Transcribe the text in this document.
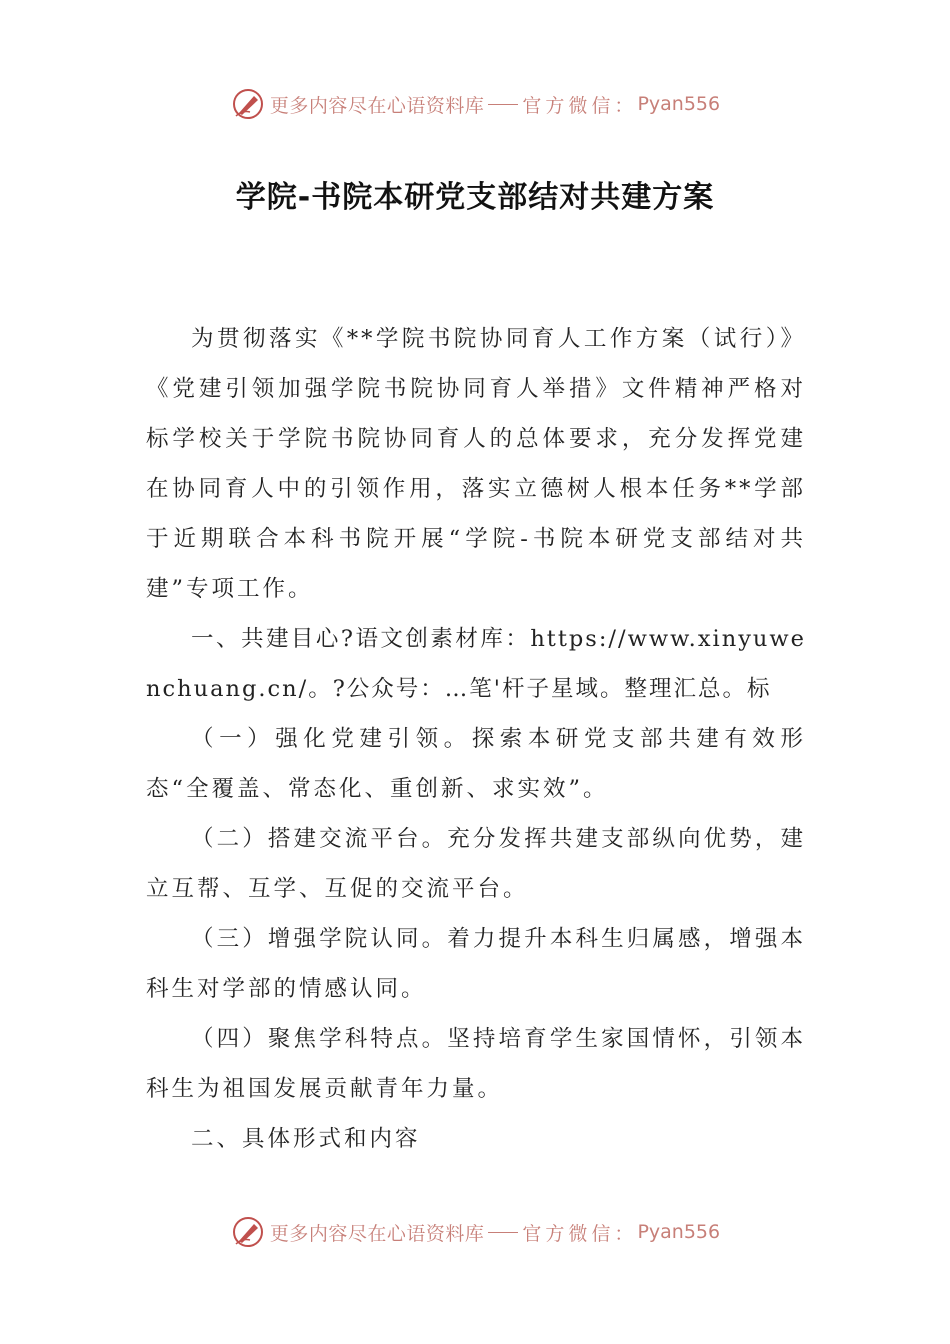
更多内容尽在心语资料库 官方微信： Pyan556
学院-书院本研党支部结对共建方案

为贯彻落实《**学院书院协同育人工作方案（试行）》《党建引领加强学院书院协同育人举措》文件精神严格对标学校关于学院书院协同育人的总体要求，充分发挥党建在协同育人中的引领作用，落实立德树人根本任务**学部于近期联合本科书院开展“学院-书院本研党支部结对共建”专项工作。

一、共建目心?语文创素材库：https://www.xinyuwenchuang.cn/。?公众号：…笔'杆子星域。整理汇总。标

（一）强化党建引领。探索本研党支部共建有效形态“全覆盖、常态化、重创新、求实效”。

（二）搭建交流平台。充分发挥共建支部纵向优势，建立互帮、互学、互促的交流平台。

（三）增强学院认同。着力提升本科生归属感，增强本科生对学部的情感认同。

（四）聚焦学科特点。坚持培育学生家国情怀，引领本科生为祖国发展贡献青年力量。

二、具体形式和内容

更多内容尽在心语资料库 官方微信： Pyan556
